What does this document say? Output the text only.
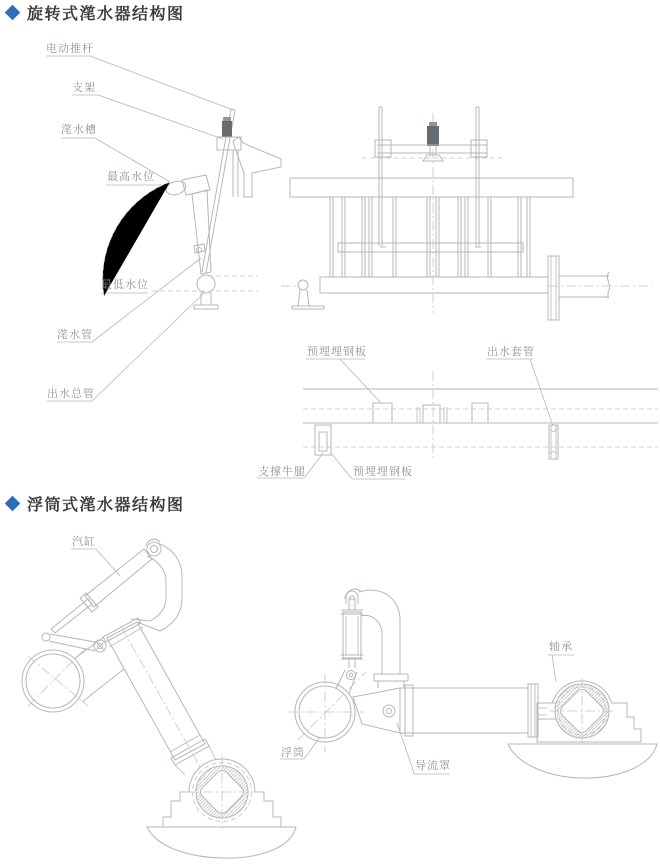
旋转式滗水器结构图
浮筒式滗水器结构图
电动推杆
支架
滗水槽
最高水位
最低水位
滗水管
出水总管
预埋埋钢板	出水套管
支撑牛腿	预埋埋钢板
汽缸
浮筒
导流罩
轴承
